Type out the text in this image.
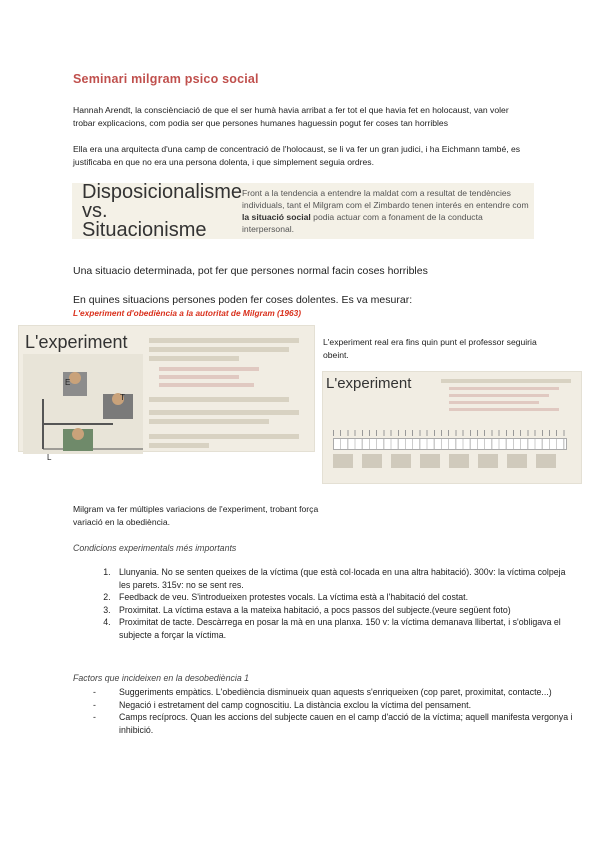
Seminari milgram psico social
Hannah Arendt, la consciènciació de que el ser humà havia arribat a fer tot el que havia fet en holocaust, van voler trobar explicacions, com podia ser que persones humanes haguessin pogut fer coses tan horribles
Ella era una arquitecta d'una camp de concentració de l'holocaust, se li va fer un gran judici, i ha Eichmann també, es justificaba en que no era una persona dolenta, i que simplement seguia ordres.
Disposicionalisme
vs.
Situacionisme
Front a la tendencia a entendre la maldat com a resultat de tendències individuals, tant el Milgram com el Zimbardo tenen interés en entendre com la situació social podia actuar com a fonament de la conducta interpersonal.
Una situacio determinada, pot fer que persones normal facin coses horribles
En quines situacions persones poden fer coses dolentes. Es va mesurar:
L'experiment d'obediència a la autoritat de Milgram (1963)
L'experiment
E
T
L
L'experiment real era fins quin punt el professor seguiria obeint.
L'experiment
Milgram va fer múltiples variacions de l'experiment, trobant força variació en la obediència.
Condicions experimentals més importants
1. Llunyania. No se senten queixes de la víctima (que està col·locada en una altra habitació). 300v: la víctima colpeja les parets. 315v: no se sent res.
2. Feedback de veu. S'introdueixen protestes vocals. La víctima està a l'habitació del costat.
3. Proximitat. La víctima estava a la mateixa habitació, a pocs passos del subjecte.(veure següent foto)
4. Proximitat de tacte. Descàrrega en posar la mà en una planxa. 150 v: la víctima demanava llibertat, i s'obligava el subjecte a forçar la víctima.
Factors que incideixen en la desobediència 1
- Suggeriments empàtics. L'obediència disminueix quan aquests s'enriqueixen (cop paret, proximitat, contacte...)
- Negació i estretament del camp cognoscitiu. La distància exclou la víctima del pensament.
- Camps recíprocs. Quan les accions del subjecte cauen en el camp d'acció de la víctima; aquell manifesta vergonya i inhibició.
